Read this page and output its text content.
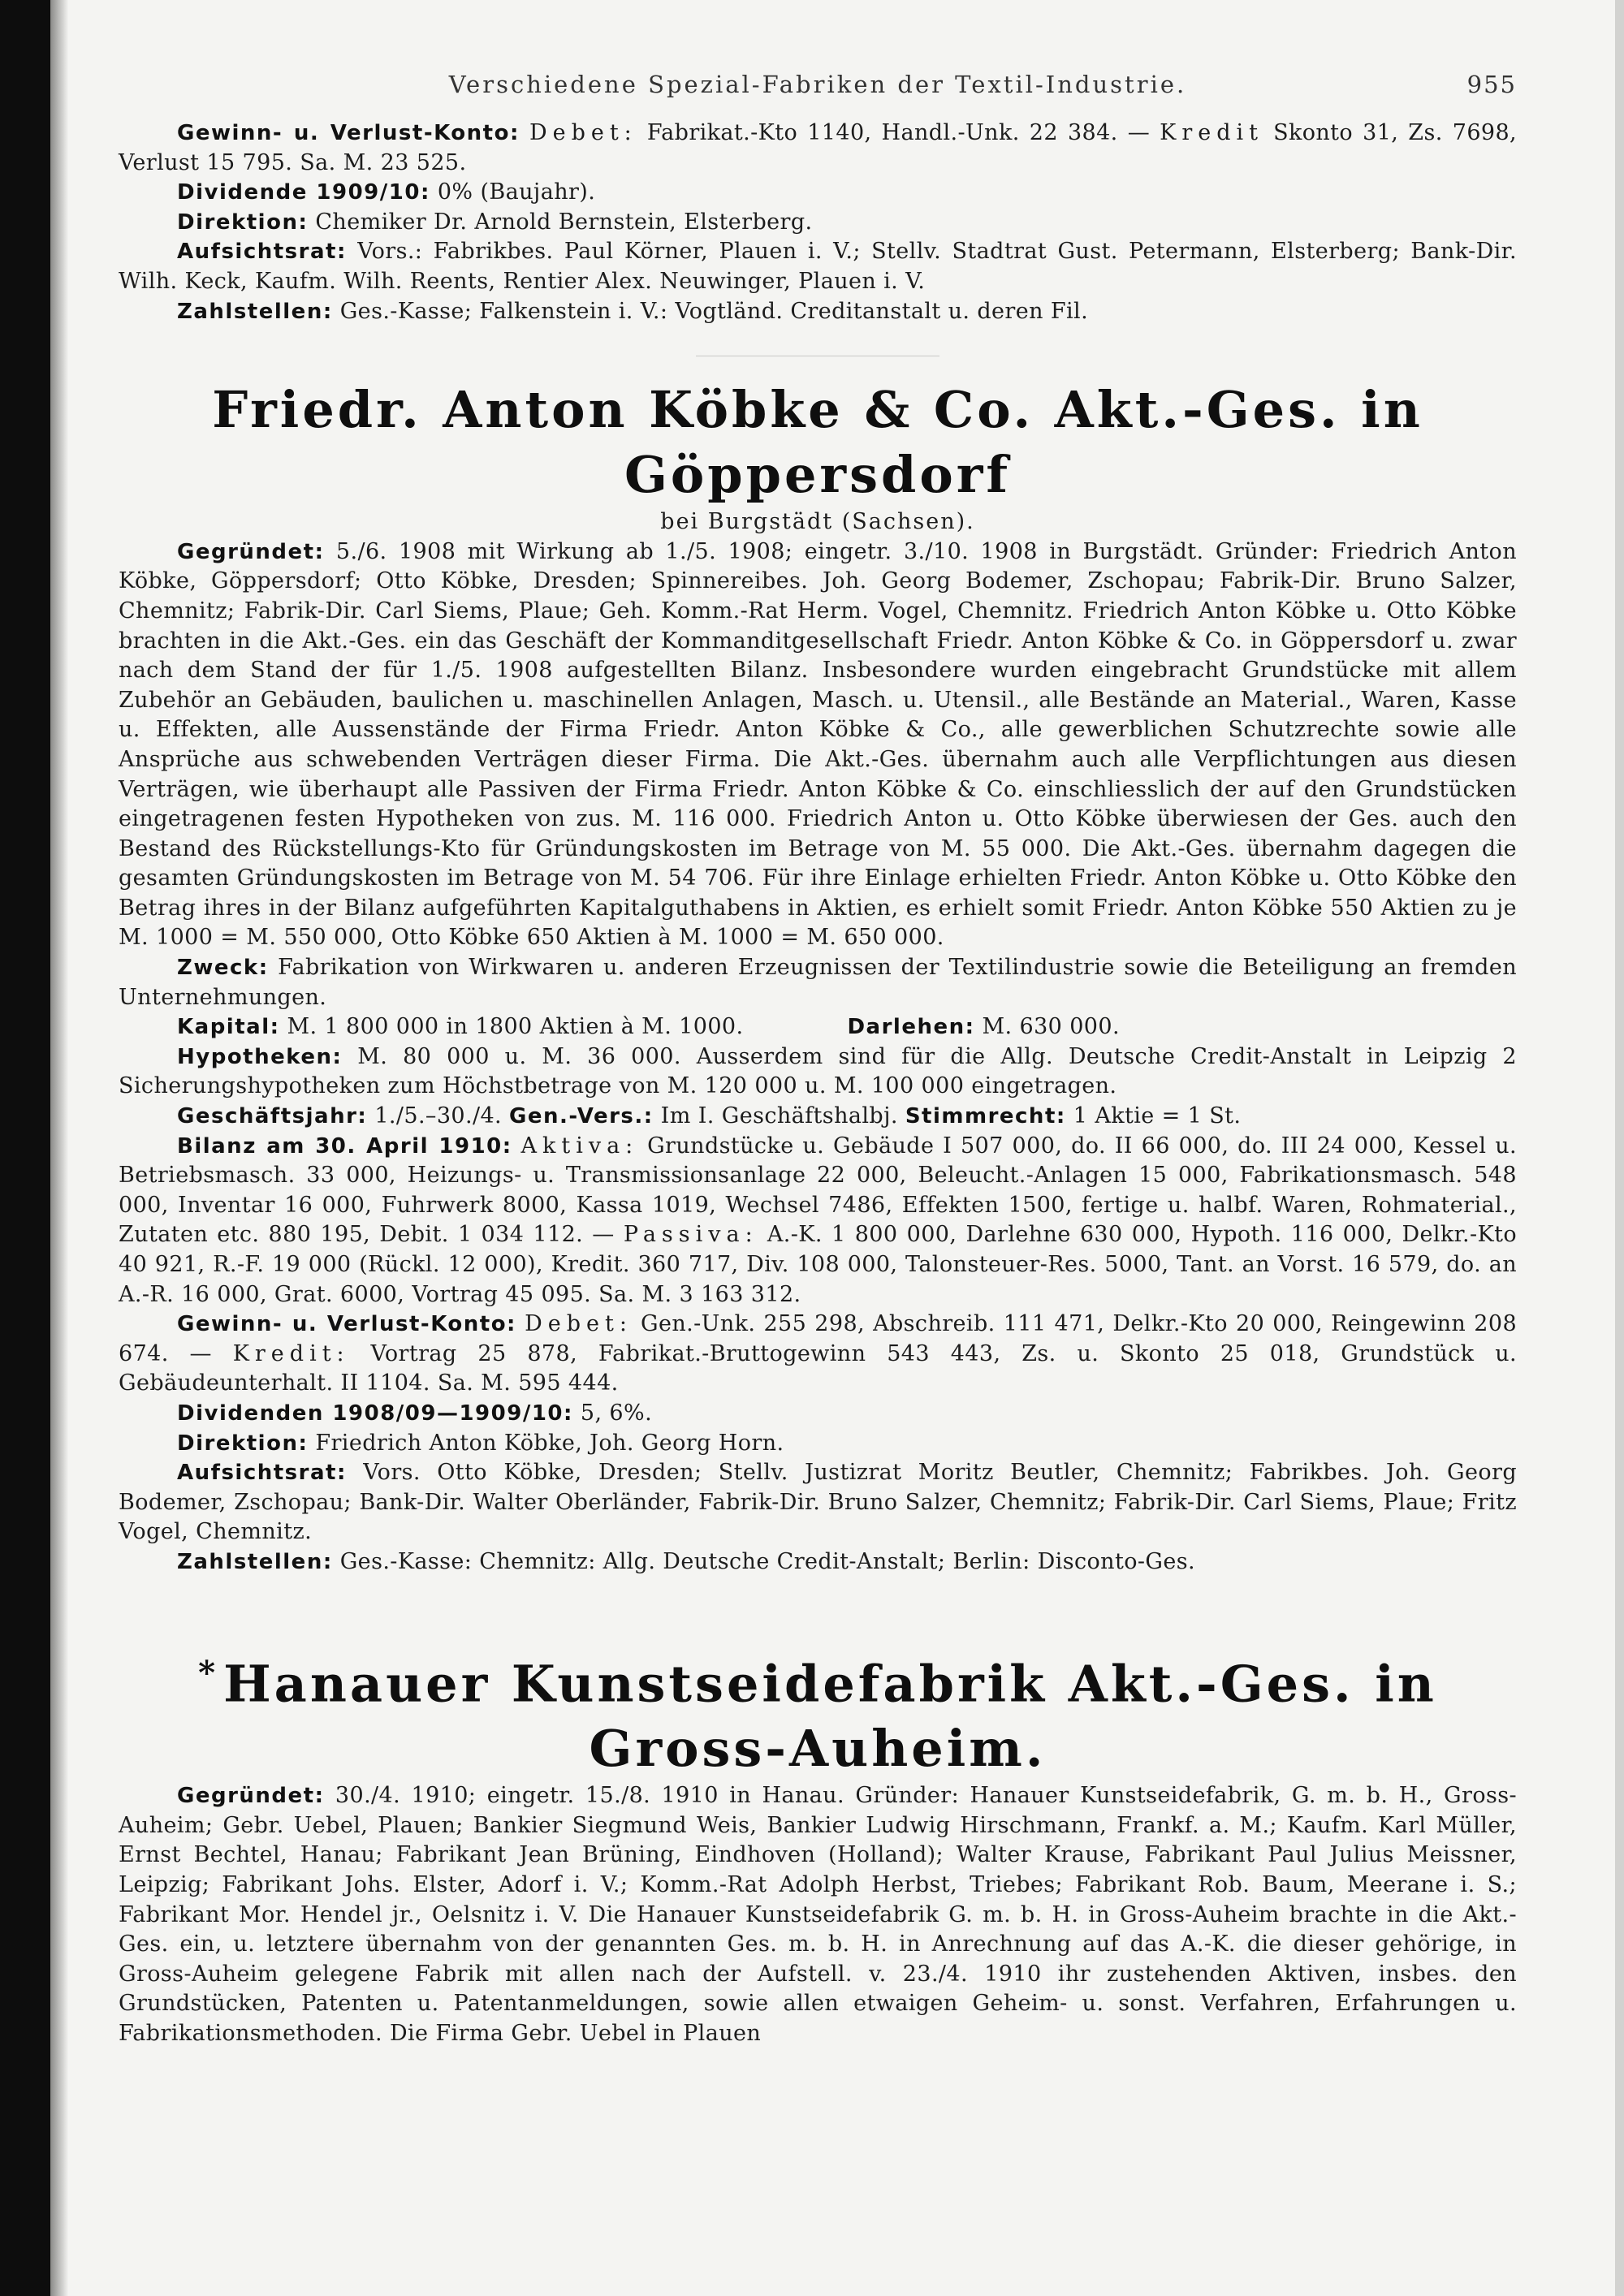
Verschiedene Spezial-Fabriken der Textil-Industrie.	955

Gewinn- u. Verlust-Konto: Debet: Fabrikat.-Kto 1140, Handl.-Unk. 22 384. — Kredit Skonto 31, Zs. 7698, Verlust 15 795. Sa. M. 23 525.

Dividende 1909/10: 0% (Baujahr).

Direktion: Chemiker Dr. Arnold Bernstein, Elsterberg.

Aufsichtsrat: Vors.: Fabrikbes. Paul Körner, Plauen i. V.; Stellv. Stadtrat Gust. Petermann, Elsterberg; Bank-Dir. Wilh. Keck, Kaufm. Wilh. Reents, Rentier Alex. Neuwinger, Plauen i. V.

Zahlstellen: Ges.-Kasse; Falkenstein i. V.: Vogtländ. Creditanstalt u. deren Fil.

Friedr. Anton Köbke & Co. Akt.-Ges. in Göppersdorf

bei Burgstädt (Sachsen).

Gegründet: 5./6. 1908 mit Wirkung ab 1./5. 1908; eingetr. 3./10. 1908 in Burgstädt. Gründer: Friedrich Anton Köbke, Göppersdorf; Otto Köbke, Dresden; Spinnereibes. Joh. Georg Bodemer, Zschopau; Fabrik-Dir. Bruno Salzer, Chemnitz; Fabrik-Dir. Carl Siems, Plaue; Geh. Komm.-Rat Herm. Vogel, Chemnitz. Friedrich Anton Köbke u. Otto Köbke brachten in die Akt.-Ges. ein das Geschäft der Kommanditgesellschaft Friedr. Anton Köbke & Co. in Göppersdorf u. zwar nach dem Stand der für 1./5. 1908 aufgestellten Bilanz. Insbesondere wurden eingebracht Grundstücke mit allem Zubehör an Gebäuden, baulichen u. maschinellen Anlagen, Masch. u. Utensil., alle Bestände an Material., Waren, Kasse u. Effekten, alle Aussenstände der Firma Friedr. Anton Köbke & Co., alle gewerblichen Schutzrechte sowie alle Ansprüche aus schwebenden Verträgen dieser Firma. Die Akt.-Ges. übernahm auch alle Verpflichtungen aus diesen Verträgen, wie überhaupt alle Passiven der Firma Friedr. Anton Köbke & Co. einschliesslich der auf den Grundstücken eingetragenen festen Hypotheken von zus. M. 116 000. Friedrich Anton u. Otto Köbke überwiesen der Ges. auch den Bestand des Rückstellungs-Kto für Gründungskosten im Betrage von M. 55 000. Die Akt.-Ges. übernahm dagegen die gesamten Gründungskosten im Betrage von M. 54 706. Für ihre Einlage erhielten Friedr. Anton Köbke u. Otto Köbke den Betrag ihres in der Bilanz aufgeführten Kapitalguthabens in Aktien, es erhielt somit Friedr. Anton Köbke 550 Aktien zu je M. 1000 = M. 550 000, Otto Köbke 650 Aktien à M. 1000 = M. 650 000.

Zweck: Fabrikation von Wirkwaren u. anderen Erzeugnissen der Textilindustrie sowie die Beteiligung an fremden Unternehmungen.

Kapital: M. 1 800 000 in 1800 Aktien à M. 1000.	Darlehen: M. 630 000.

Hypotheken: M. 80 000 u. M. 36 000. Ausserdem sind für die Allg. Deutsche Credit-Anstalt in Leipzig 2 Sicherungshypotheken zum Höchstbetrage von M. 120 000 u. M. 100 000 eingetragen.

Geschäftsjahr: 1./5.–30./4. Gen.-Vers.: Im I. Geschäftshalbj. Stimmrecht: 1 Aktie = 1 St.

Bilanz am 30. April 1910: Aktiva: Grundstücke u. Gebäude I 507 000, do. II 66 000, do. III 24 000, Kessel u. Betriebsmasch. 33 000, Heizungs- u. Transmissionsanlage 22 000, Beleucht.-Anlagen 15 000, Fabrikationsmasch. 548 000, Inventar 16 000, Fuhrwerk 8000, Kassa 1019, Wechsel 7486, Effekten 1500, fertige u. halbf. Waren, Rohmaterial., Zutaten etc. 880 195, Debit. 1 034 112. — Passiva: A.-K. 1 800 000, Darlehne 630 000, Hypoth. 116 000, Delkr.-Kto 40 921, R.-F. 19 000 (Rückl. 12 000), Kredit. 360 717, Div. 108 000, Talonsteuer-Res. 5000, Tant. an Vorst. 16 579, do. an A.-R. 16 000, Grat. 6000, Vortrag 45 095. Sa. M. 3 163 312.

Gewinn- u. Verlust-Konto: Debet: Gen.-Unk. 255 298, Abschreib. 111 471, Delkr.-Kto 20 000, Reingewinn 208 674. — Kredit: Vortrag 25 878, Fabrikat.-Bruttogewinn 543 443, Zs. u. Skonto 25 018, Grundstück u. Gebäudeunterhalt. II 1104. Sa. M. 595 444.

Dividenden 1908/09—1909/10: 5, 6%.

Direktion: Friedrich Anton Köbke, Joh. Georg Horn.

Aufsichtsrat: Vors. Otto Köbke, Dresden; Stellv. Justizrat Moritz Beutler, Chemnitz; Fabrikbes. Joh. Georg Bodemer, Zschopau; Bank-Dir. Walter Oberländer, Fabrik-Dir. Bruno Salzer, Chemnitz; Fabrik-Dir. Carl Siems, Plaue; Fritz Vogel, Chemnitz.

Zahlstellen: Ges.-Kasse: Chemnitz: Allg. Deutsche Credit-Anstalt; Berlin: Disconto-Ges.

*Hanauer Kunstseidefabrik Akt.-Ges. in Gross-Auheim.

Gegründet: 30./4. 1910; eingetr. 15./8. 1910 in Hanau. Gründer: Hanauer Kunstseidefabrik, G. m. b. H., Gross-Auheim; Gebr. Uebel, Plauen; Bankier Siegmund Weis, Bankier Ludwig Hirschmann, Frankf. a. M.; Kaufm. Karl Müller, Ernst Bechtel, Hanau; Fabrikant Jean Brüning, Eindhoven (Holland); Walter Krause, Fabrikant Paul Julius Meissner, Leipzig; Fabrikant Johs. Elster, Adorf i. V.; Komm.-Rat Adolph Herbst, Triebes; Fabrikant Rob. Baum, Meerane i. S.; Fabrikant Mor. Hendel jr., Oelsnitz i. V. Die Hanauer Kunstseidefabrik G. m. b. H. in Gross-Auheim brachte in die Akt.-Ges. ein, u. letztere übernahm von der genannten Ges. m. b. H. in Anrechnung auf das A.-K. die dieser gehörige, in Gross-Auheim gelegene Fabrik mit allen nach der Aufstell. v. 23./4. 1910 ihr zustehenden Aktiven, insbes. den Grundstücken, Patenten u. Patentanmeldungen, sowie allen etwaigen Geheim- u. sonst. Verfahren, Erfahrungen u. Fabrikationsmethoden. Die Firma Gebr. Uebel in Plauen
